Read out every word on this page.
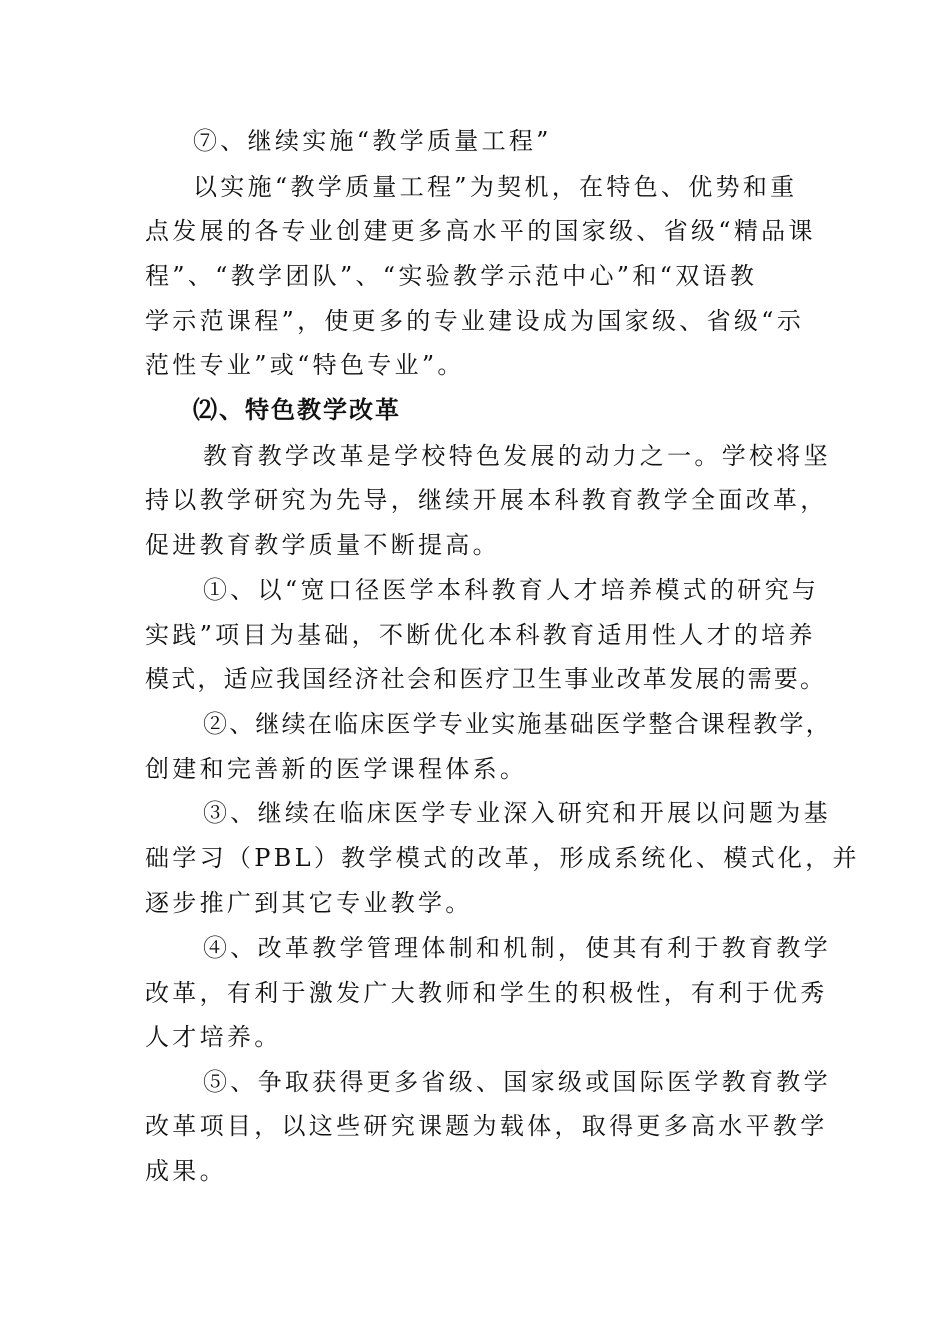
⑦、继续实施“教学质量工程”
以实施“教学质量工程”为契机，在特色、优势和重
点发展的各专业创建更多高水平的国家级、省级“精品课
程”、“教学团队”、“实验教学示范中心”和“双语教
学示范课程”，使更多的专业建设成为国家级、省级“示
范性专业”或“特色专业”。
⑵、特色教学改革
教育教学改革是学校特色发展的动力之一。学校将坚
持以教学研究为先导，继续开展本科教育教学全面改革，
促进教育教学质量不断提高。
①、以“宽口径医学本科教育人才培养模式的研究与
实践”项目为基础，不断优化本科教育适用性人才的培养
模式，适应我国经济社会和医疗卫生事业改革发展的需要。
②、继续在临床医学专业实施基础医学整合课程教学，
创建和完善新的医学课程体系。
③、继续在临床医学专业深入研究和开展以问题为基
础学习（PBL）教学模式的改革，形成系统化、模式化，并
逐步推广到其它专业教学。
④、改革教学管理体制和机制，使其有利于教育教学
改革，有利于激发广大教师和学生的积极性，有利于优秀
人才培养。
⑤、争取获得更多省级、国家级或国际医学教育教学
改革项目，以这些研究课题为载体，取得更多高水平教学
成果。
